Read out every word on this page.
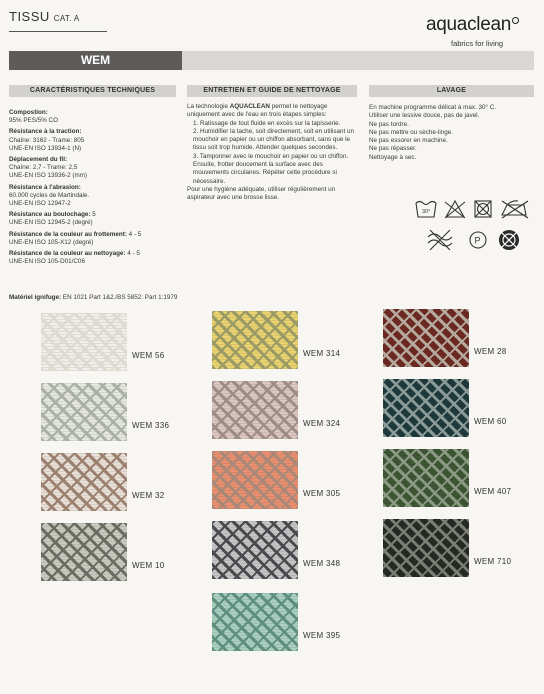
TISSU CAT. A	aquaclean
fabrics for living
WEM
CARACTÉRISTIQUES TECHNIQUES	ENTRETIEN ET GUIDE DE NETTOYAGE	LAVAGE
Compostion:
95% PES/5% CO
Résistance à la traction:
Chaîne: 3162 - Trame: 805
UNE-EN ISO 13934-1 (N)
Déplacement du fil:
Chaîne: 2,7 - Trame: 2,5
UNE-EN ISO 13936-2 (mm)
Résistance à l'abrasion:
60.000 cycles de Martindale.
UNE-EN ISO 12947-2
Résistance au boulochage: 5
UNE-EN ISO 12945-2 (degré)
Résistance de la couleur au frottement: 4 - 5
UNE-EN ISO 105-X12 (degré)
Résistance de la couleur au nettoyage: 4 - 5
UNE-EN ISO 105-D01/C06
Matériel ignifuge: EN 1021 Part 1&2./BS 5852: Part 1:1979
La technologie AQUACLEAN permet le nettoyage uniquement avec de l'eau en trois étapes simples:
1. Ratissage de tout fluide en excès sur la tapisserie.
2. Humidifier la tache, soit directement, soit en utilisant un mouchoir en papier ou un chiffon absorbant, sans que le tissu soit trop humide. Attender quelques secondes.
3. Tamponner avec le mouchoir en papier ou un chiffon. Ensuite, frotter doucement la surface avec des mouvements circulaires. Répéter cette procédure si nécessaire.
Pour une hygiène adéquate, utiliser régulièrement un aspirateur avec une brosse lisse.
En machine programme délicat à max. 30° C.
Utiliser une lessive douce, pas de javel.
Ne pas tordre.
Ne pas mettre ou sèche-linge.
Ne pas essorer en machine.
Ne pas répasser.
Nettoyage à sec.
30°
P
WEM 56
WEM 336
WEM 32
WEM 10
WEM 314
WEM 324
WEM 305
WEM 348
WEM 395
WEM 28
WEM 60
WEM 407
WEM 710
